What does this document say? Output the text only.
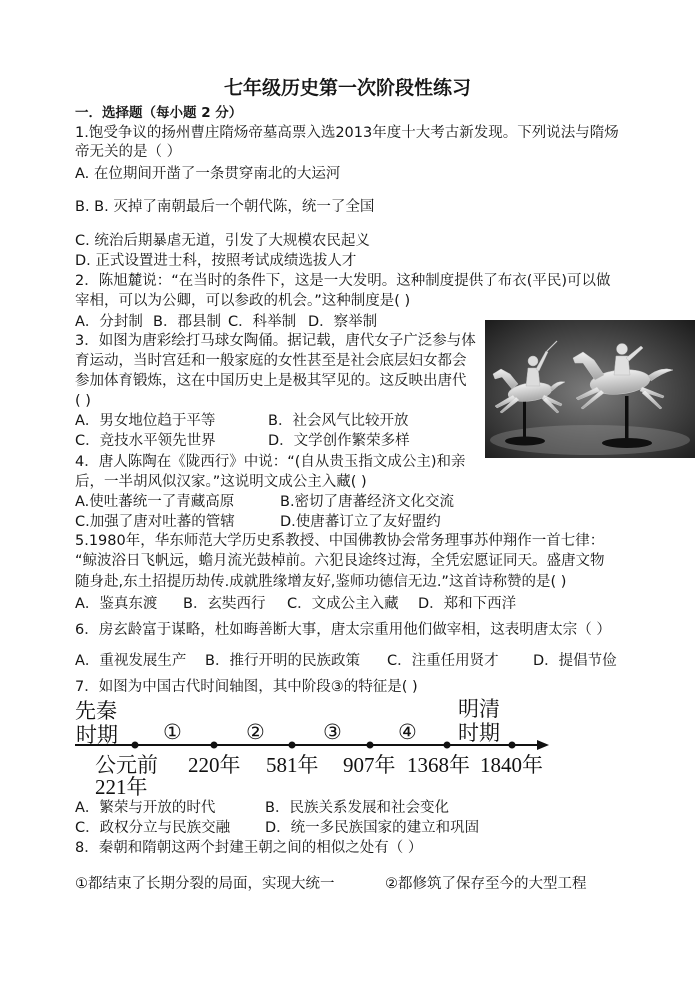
七年级历史第一次阶段性练习
一．选择题（每小题 2 分）
1.饱受争议的扬州曹庄隋炀帝墓高票入选2013年度十大考古新发现。下列说法与隋炀
帝无关的是（ ）
A. 在位期间开凿了一条贯穿南北的大运河
B. B. 灭掉了南朝最后一个朝代陈，统一了全国
C. 统治后期暴虐无道，引发了大规模农民起义
D. 正式设置进士科，按照考试成绩选拔人才
2．陈旭麓说：“在当时的条件下，这是一大发明。这种制度提供了布衣(平民)可以做
宰相，可以为公卿，可以参政的机会。”这种制度是( )
A．分封制 B．郡县制 C．科举制 D．察举制
3．如图为唐彩绘打马球女陶俑。据记载，唐代女子广泛参与体
育运动，当时宫廷和一般家庭的女性甚至是社会底层妇女都会
参加体育锻炼，这在中国历史上是极其罕见的。这反映出唐代
( )
A．男女地位趋于平等	B．社会风气比较开放
C．竞技水平领先世界	D．文学创作繁荣多样
4．唐人陈陶在《陇西行》中说：“(自从贵玉指文成公主)和亲
后，一半胡风似汉家。”这说明文成公主入藏( )
A.使吐蕃统一了青藏高原	B.密切了唐蕃经济文化交流
C.加强了唐对吐蕃的管辖	D.使唐蕃订立了友好盟约
5.1980年，华东师范大学历史系教授、中国佛教协会常务理事苏仲翔作一首七律：
“鲸波浴日飞帆远，蟾月流光鼓棹前。六犯艮途终过海，全凭宏愿证同天。盛唐文物
随身赴,东土招提历劫传.成就胜缘增友好,鉴师功德信无边.”这首诗称赞的是( )
A．鉴真东渡 B．玄奘西行 C．文成公主入藏 D．郑和下西洋
6．房玄龄富于谋略，杜如晦善断大事，唐太宗重用他们做宰相，这表明唐太宗（ ）
A．重视发展生产 B．推行开明的民族政策 C．注重任用贤才 D．提倡节俭
7．如图为中国古代时间轴图，其中阶段③的特征是( )
先秦
时期 ①	②	③	④
明清
时期
公元前
221年
220年 581年 907年 1368年 1840年
A．繁荣与开放的时代	B．民族关系发展和社会变化
C．政权分立与民族交融 D．统一多民族国家的建立和巩固
8．秦朝和隋朝这两个封建王朝之间的相似之处有（ ）
①都结束了长期分裂的局面，实现大统一	②都修筑了保存至今的大型工程
